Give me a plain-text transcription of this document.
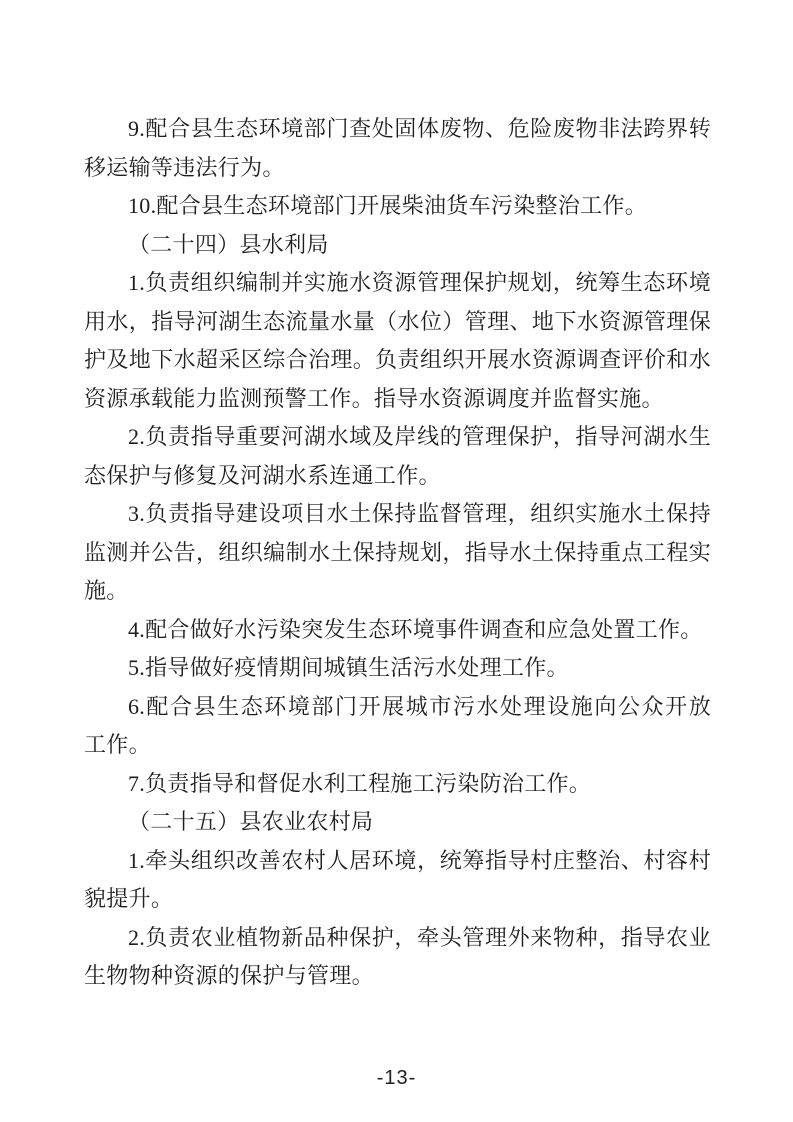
9.配合县生态环境部门查处固体废物、危险废物非法跨界转
移运输等违法行为。
10.配合县生态环境部门开展柴油货车污染整治工作。
（二十四）县水利局
1.负责组织编制并实施水资源管理保护规划，统筹生态环境
用水，指导河湖生态流量水量（水位）管理、地下水资源管理保
护及地下水超采区综合治理。负责组织开展水资源调查评价和水
资源承载能力监测预警工作。指导水资源调度并监督实施。
2.负责指导重要河湖水域及岸线的管理保护，指导河湖水生
态保护与修复及河湖水系连通工作。
3.负责指导建设项目水土保持监督管理，组织实施水土保持
监测并公告，组织编制水土保持规划，指导水土保持重点工程实
施。
4.配合做好水污染突发生态环境事件调查和应急处置工作。
5.指导做好疫情期间城镇生活污水处理工作。
6.配合县生态环境部门开展城市污水处理设施向公众开放
工作。
7.负责指导和督促水利工程施工污染防治工作。
（二十五）县农业农村局
1.牵头组织改善农村人居环境，统筹指导村庄整治、村容村
貌提升。
2.负责农业植物新品种保护，牵头管理外来物种，指导农业
生物物种资源的保护与管理。
-13-
